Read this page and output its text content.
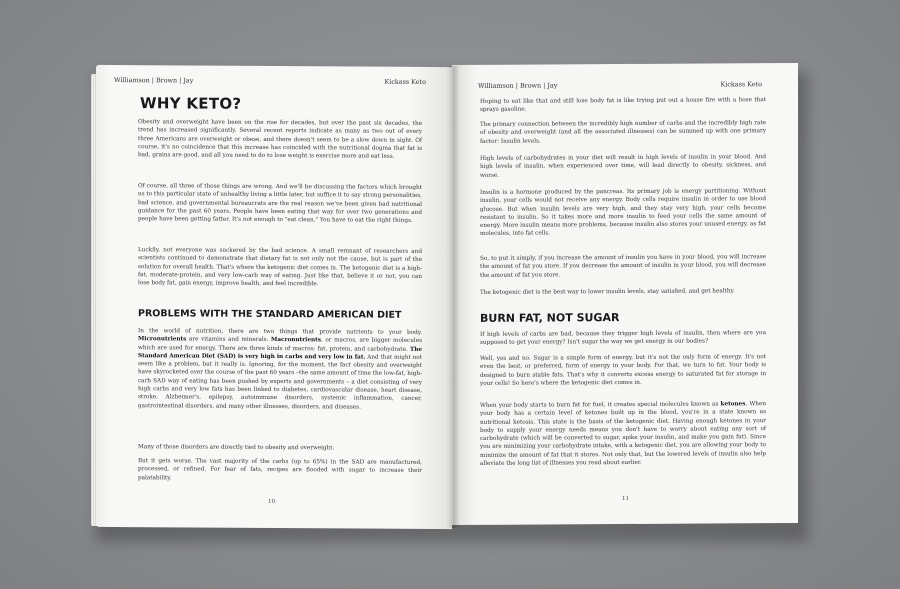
Williamson | Brown | Jay	Kickass Keto
WHY KETO?
Obesity and overweight have been on the rise for decades, but over the past six decades, the trend has increased significantly. Several recent reports indicate as many as two out of every three Americans are overweight or obese, and there doesn't seem to be a slow down in sight. Of course, it's no coincidence that this increase has coincided with the nutritional dogma that fat is bad, grains are good, and all you need to do to lose weight is exercise more and eat less.
Of course, all three of those things are wrong. And we'll be discussing the factors which brought us to this particular state of unhealthy living a little later, but suffice it to say strong personalities, bad science, and governmental bureaucrats are the real reason we've been given bad nutritional guidance for the past 60 years. People have been eating that way for over two generations and people have been getting fatter. It's not enough to "eat clean," You have to eat the right things.
Luckily, not everyone was suckered by the bad science. A small remnant of researchers and scientists continued to demonstrate that dietary fat is not only not the cause, but is part of the solution for overall health. That's where the ketogenic diet comes in. The ketogenic diet is a high-fat, moderate-protein, and very low-carb way of eating. Just like that, believe it or not, you can lose body fat, gain energy, improve health, and feel incredible.
PROBLEMS WITH THE STANDARD AMERICAN DIET
In the world of nutrition, there are two things that provide nutrients to your body. Micronutrients are vitamins and minerals. Macronutrients, or macros, are bigger molecules which are used for energy. There are three kinds of macros: fat, protein, and carbohydrate. The Standard American Diet (SAD) is very high in carbs and very low in fat. And that might not seem like a problem, but it really is. Ignoring, for the moment, the fact obesity and overweight have skyrocketed over the course of the past 60 years –the same amount of time the low-fat, high-carb SAD way of eating has been pushed by experts and governments – a diet consisting of very high carbs and very low fats has been linked to diabetes, cardiovascular disease, heart disease, stroke, Alzheimer's, epilepsy, autoimmune disorders, systemic inflammation, cancer, gastrointestinal disorders, and many other illnesses, disorders, and diseases.
Many of those disorders are directly tied to obesity and overweight.
But it gets worse. The vast majority of the carbs (up to 65%) in the SAD are manufactured, processed, or refined. For fear of fats, recipes are flooded with sugar to increase their palatability.
10
Williamson | Brown | Jay	Kickass Keto
Hoping to eat like that and still lose body fat is like trying put out a house fire with a hose that sprays gasoline.
The primary connection between the incredibly high number of carbs and the incredibly high rate of obesity and overweight (and all the associated illnesses) can be summed up with one primary factor: Insulin levels.
High levels of carbohydrates in your diet will result in high levels of insulin in your blood. And high levels of insulin, when experienced over time, will lead directly to obesity, sickness, and worse.
Insulin is a hormone produced by the pancreas. Its primary job is energy partitioning. Without insulin, your cells would not receive any energy. Body cells require insulin in order to use blood glucose. But when insulin levels are very high, and they stay very high, your cells become resistant to insulin. So it takes more and more insulin to feed your cells the same amount of energy. More insulin means more problems, because insulin also stores your unused energy, as fat molecules, into fat cells.
So, to put it simply, if you increase the amount of insulin you have in your blood, you will increase the amount of fat you store. If you decrease the amount of insulin in your blood, you will decrease the amount of fat you store.
The ketogenic diet is the best way to lower insulin levels, stay satisfied, and get healthy.
BURN FAT, NOT SUGAR
If high levels of carbs are bad, because they trigger high levels of insulin, then where are you supposed to get your energy? Isn't sugar the way we get energy in our bodies?
Well, yes and no. Sugar is a simple form of energy, but it's not the only form of energy. It's not even the best, or preferred, form of energy in your body. For that, we turn to fat. Your body is designed to burn stable fats. That's why it converts excess energy to saturated fat for storage in your cells! So here's where the ketogenic diet comes in.
When your body starts to burn fat for fuel, it creates special molecules known as ketones. When your body has a certain level of ketones built up in the blood, you're in a state known as nutritional ketosis. This state is the basis of the ketogenic diet. Having enough ketones in your body to supply your energy needs means you don't have to worry about eating any sort of carbohydrate (which will be converted to sugar, spike your insulin, and make you gain fat). Since you are minimizing your carbohydrate intake, with a ketogenic diet, you are allowing your body to minimize the amount of fat that it stores. Not only that, but the lowered levels of insulin also help alleviate the long list of illnesses you read about earlier.
11
